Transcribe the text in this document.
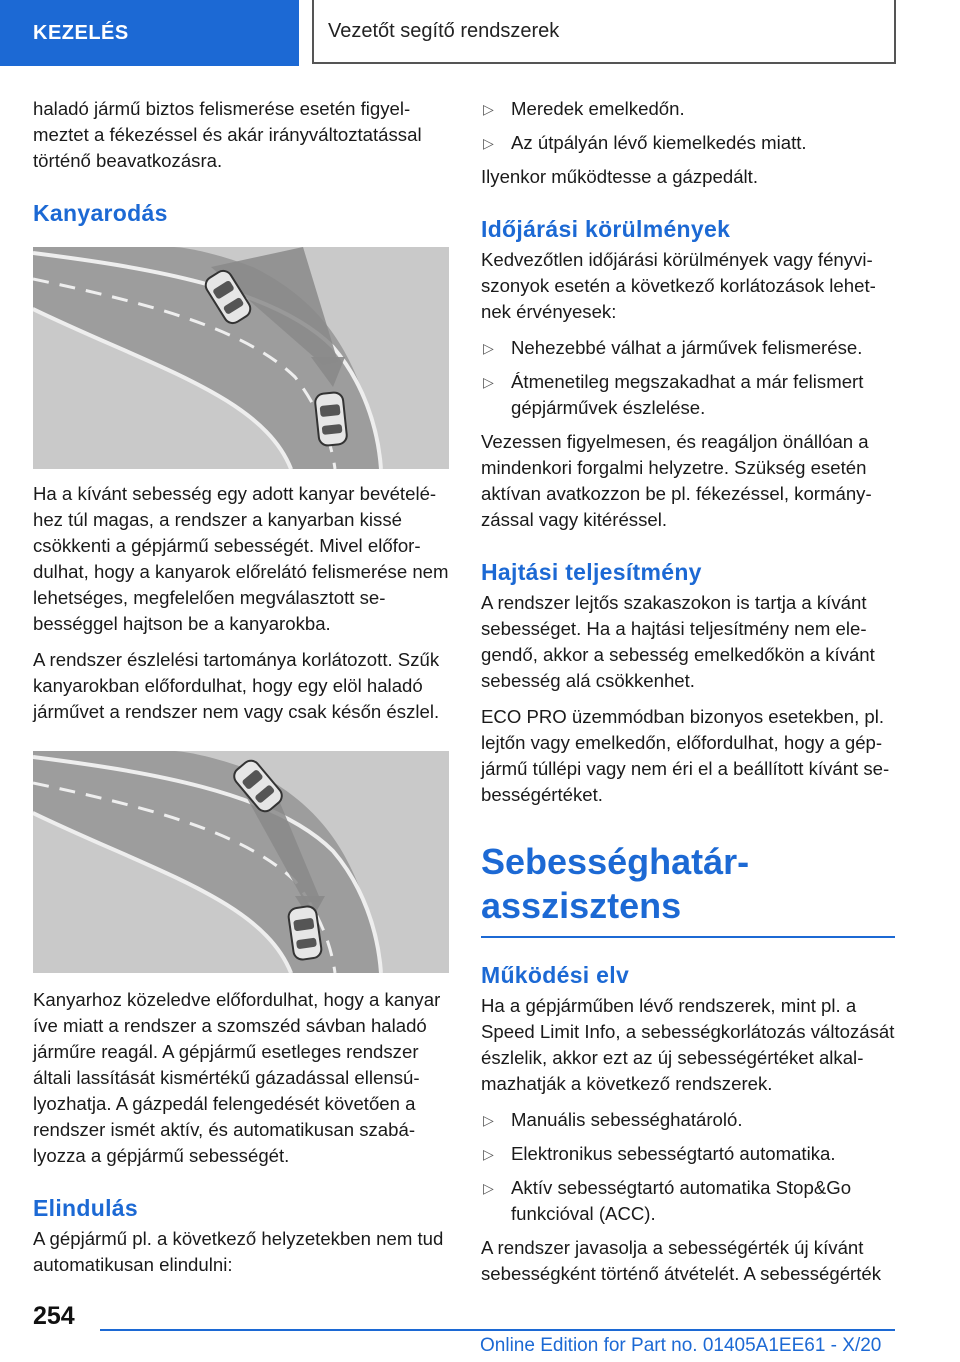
KEZELÉS	Vezetőt segítő rendszerek

haladó jármű biztos felismerése esetén figyelmeztet a fékezéssel és akár irányváltoztatással történő beavatkozásra.

Kanyarodás

Ha a kívánt sebesség egy adott kanyar bevételéhez túl magas, a rendszer a kanyarban kissé csökkenti a gépjármű sebességét. Mivel előfordulhat, hogy a kanyarok előrelátó felismerése nem lehetséges, megfelelően megválasztott sebességgel hajtson be a kanyarokba.

A rendszer észlelési tartománya korlátozott. Szűk kanyarokban előfordulhat, hogy egy elöl haladó járművet a rendszer nem vagy csak későn észlel.

Kanyarhoz közeledve előfordulhat, hogy a kanyar íve miatt a rendszer a szomszéd sávban haladó járműre reagál. A gépjármű esetleges rendszer általi lassítását kismértékű gázadással ellensúlyozhatja. A gázpedál felengedését követően a rendszer ismét aktív, és automatikusan szabályozza a gépjármű sebességét.

Elindulás

A gépjármű pl. a következő helyzetekben nem tud automatikusan elindulni:

▷ Meredek emelkedőn.
▷ Az útpályán lévő kiemelkedés miatt.

Ilyenkor működtesse a gázpedált.

Időjárási körülmények

Kedvezőtlen időjárási körülmények vagy fényviszonyok esetén a következő korlátozások lehetnek érvényesek:

▷ Nehezebbé válhat a járművek felismerése.
▷ Átmenetileg megszakadhat a már felismert gépjárművek észlelése.

Vezessen figyelmesen, és reagáljon önállóan a mindenkori forgalmi helyzetre. Szükség esetén aktívan avatkozzon be pl. fékezéssel, kormányzással vagy kitéréssel.

Hajtási teljesítmény

A rendszer lejtős szakaszokon is tartja a kívánt sebességet. Ha a hajtási teljesítmény nem elegendő, akkor a sebesség emelkedőkön a kívánt sebesség alá csökkenhet.

ECO PRO üzemmódban bizonyos esetekben, pl. lejtőn vagy emelkedőn, előfordulhat, hogy a gépjármű túllépi vagy nem éri el a beállított kívánt sebességértéket.

Sebességhatár-
asszisztens
Működési elv

Ha a gépjárműben lévő rendszerek, mint pl. a Speed Limit Info, a sebességkorlátozás változását észlelik, akkor ezt az új sebességértéket alkalmazhatják a következő rendszerek.

▷ Manuális sebességhatároló.
▷ Elektronikus sebességtartó automatika.
▷ Aktív sebességtartó automatika Stop&Go funkcióval (ACC).

A rendszer javasolja a sebességérték új kívánt sebességként történő átvételét. A sebességérték

254
Online Edition for Part no. 01405A1EE61 - X/20
